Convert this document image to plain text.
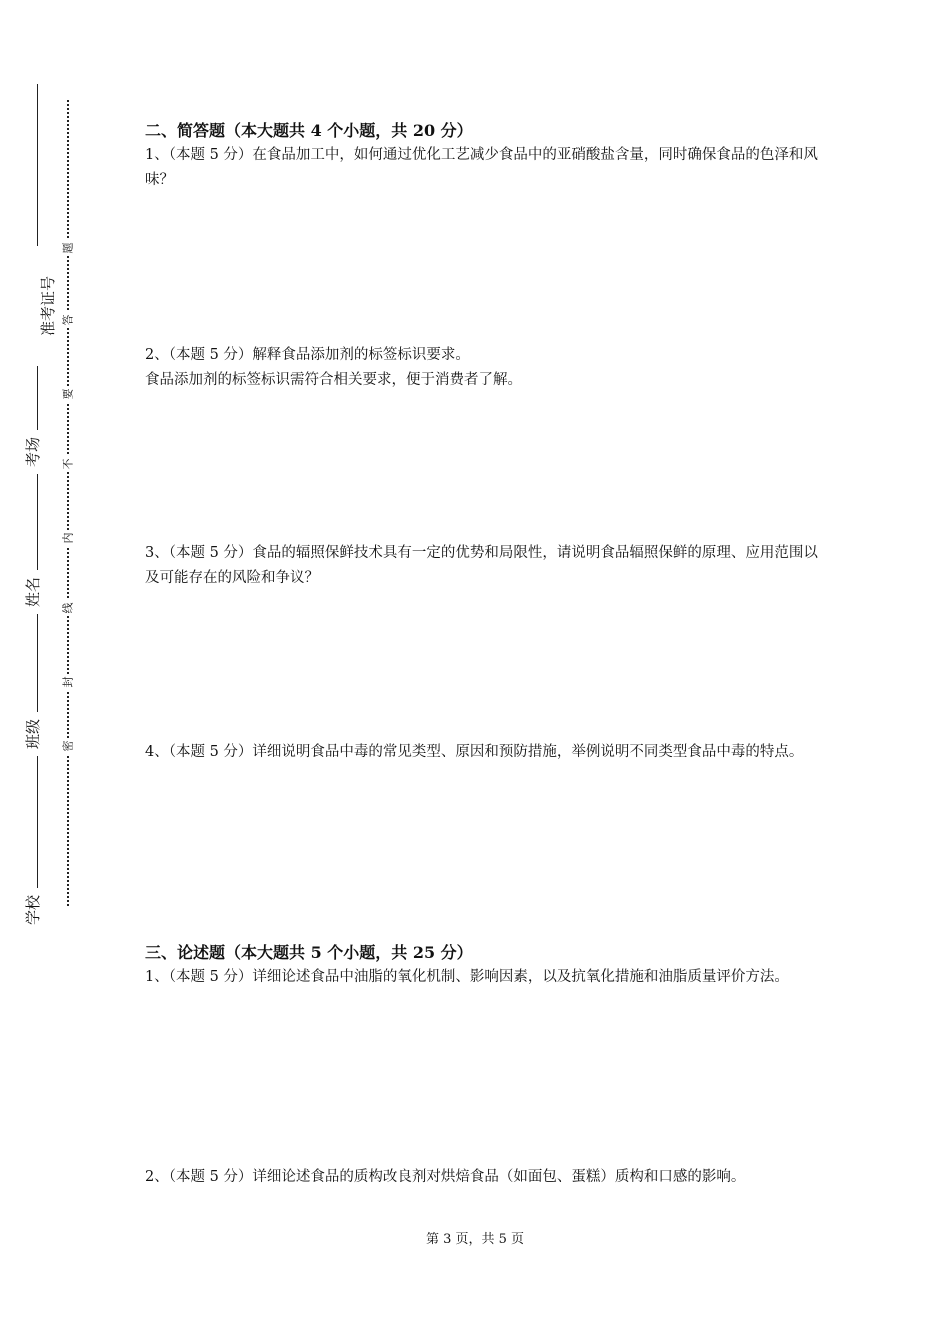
准考证号
考场
姓名
班级
学校
密
封
线
内
不
要
答
题
二、简答题（本大题共 4 个小题，共 20 分）

1、（本题 5 分）在食品加工中，如何通过优化工艺减少食品中的亚硝酸盐含量，同时确保食品的色泽和风味？

2、（本题 5 分）解释食品添加剂的标签标识要求。

食品添加剂的标签标识需符合相关要求，便于消费者了解。

3、（本题 5 分）食品的辐照保鲜技术具有一定的优势和局限性，请说明食品辐照保鲜的原理、应用范围以及可能存在的风险和争议？

4、（本题 5 分）详细说明食品中毒的常见类型、原因和预防措施，举例说明不同类型食品中毒的特点。

三、论述题（本大题共 5 个小题，共 25 分）

1、（本题 5 分）详细论述食品中油脂的氧化机制、影响因素，以及抗氧化措施和油脂质量评价方法。

2、（本题 5 分）详细论述食品的质构改良剂对烘焙食品（如面包、蛋糕）质构和口感的影响。

第 3 页，共 5 页
